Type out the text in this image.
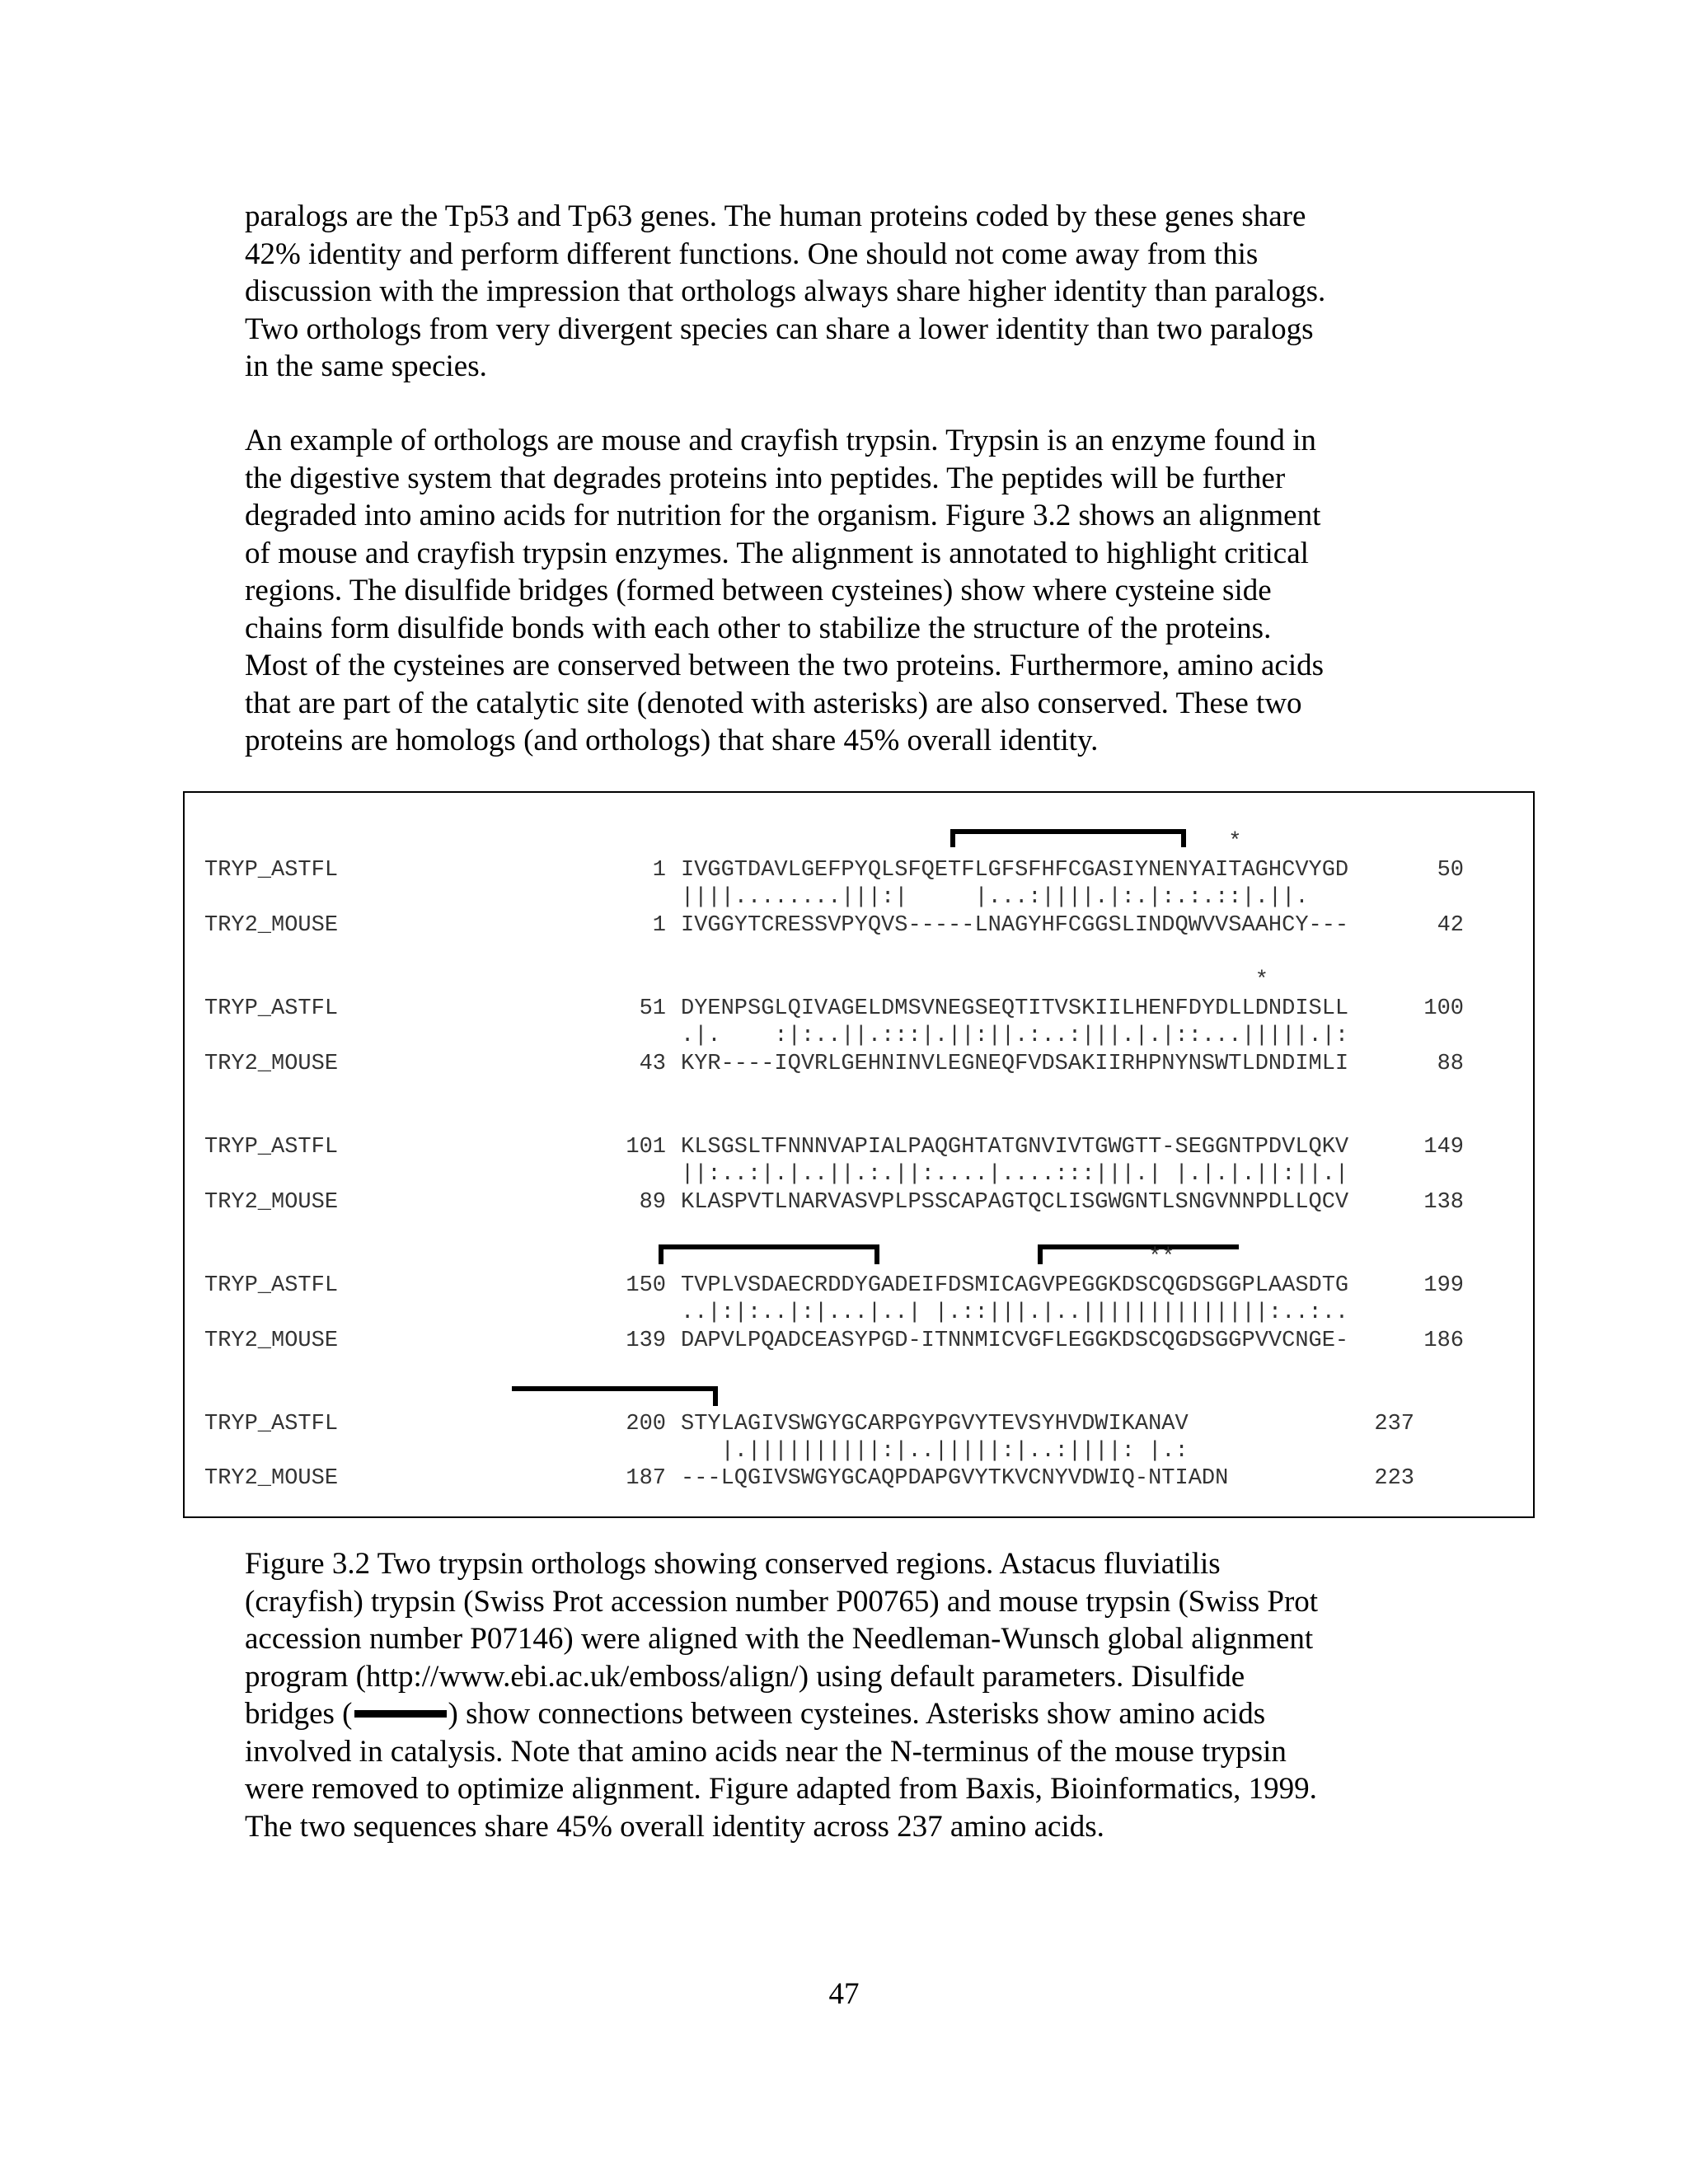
paralogs are the Tp53 and Tp63 genes. The human proteins coded by these genes share
42% identity and perform different functions. One should not come away from this
discussion with the impression that orthologs always share higher identity than paralogs.
Two orthologs from very divergent species can share a lower identity than two paralogs
in the same species.

An example of orthologs are mouse and crayfish trypsin. Trypsin is an enzyme found in
the digestive system that degrades proteins into peptides. The peptides will be further
degraded into amino acids for nutrition for the organism. Figure 3.2 shows an alignment
of mouse and crayfish trypsin enzymes. The alignment is annotated to highlight critical
regions. The disulfide bridges (formed between cysteines) show where cysteine side
chains form disulfide bonds with each other to stabilize the structure of the proteins.
Most of the cysteines are conserved between the two proteins. Furthermore, amino acids
that are part of the catalytic site (denoted with asterisks) are also conserved. These two
proteins are homologs (and orthologs) that share 45% overall identity.

*
TRYP_ASTFL	1 IVGGTDAVLGEFPYQLSFQETFLGFSFHFCGASIYNENYAITAGHCVYGD	50
||||........|||:|     |...:||||.|:.|:.:.::|.||.
TRY2_MOUSE	1 IVGGYTCRESSVPYQVS-----LNAGYHFCGGSLINDQWVVSAAHCY---	42
*
TRYP_ASTFL	51 DYENPSGLQIVAGELDMSVNEGSEQTITVSKIILHENFDYDLLDNDISLL	100
.|.    :|:..||.:::|.||:||.:..:|||.|.|::...|||||.|:
TRY2_MOUSE	43 KYR----IQVRLGEHNINVLEGNEQFVDSAKIIRHPNYNSWTLDNDIMLI	88
TRYP_ASTFL	101 KLSGSLTFNNNVAPIALPAQGHTATGNVIVTGWGTT-SEGGNTPDVLQKV	149
||:..:|.|..||.:.||:....|....:::|||.| |.|.|.||:||.|
TRY2_MOUSE	89 KLASPVTLNARVASVPLPSSCAPAGTQCLISGWGNTLSNGVNNPDLLQCV	138
**
TRYP_ASTFL	150 TVPLVSDAECRDDYGADEIFDSMICAGVPEGGKDSCQGDSGGPLAASDTG	199
..|:|:..|:|...|..| |.::|||.|..||||||||||||||:..:..
TRY2_MOUSE	139 DAPVLPQADCEASYPGD-ITNNMICVGFLEGGKDSCQGDSGGPVVCNGE-	186
TRYP_ASTFL	200 STYLAGIVSWGYGCARPGYPGVYTEVSYHVDWIKANAV	237
|.||||||||||:|..|||||:|..:||||: |.:
TRY2_MOUSE	187 ---LQGIVSWGYGCAQPDAPGVYTKVCNYVDWIQ-NTIADN	223

Figure 3.2 Two trypsin orthologs showing conserved regions. Astacus fluviatilis
(crayfish) trypsin (Swiss Prot accession number P00765) and mouse trypsin (Swiss Prot
accession number P07146) were aligned with the Needleman-Wunsch global alignment
program (http://www.ebi.ac.uk/emboss/align/) using default parameters. Disulfide
bridges (	) show connections between cysteines. Asterisks show amino acids
involved in catalysis. Note that amino acids near the N-terminus of the mouse trypsin
were removed to optimize alignment. Figure adapted from Baxis, Bioinformatics, 1999.
The two sequences share 45% overall identity across 237 amino acids.

47
